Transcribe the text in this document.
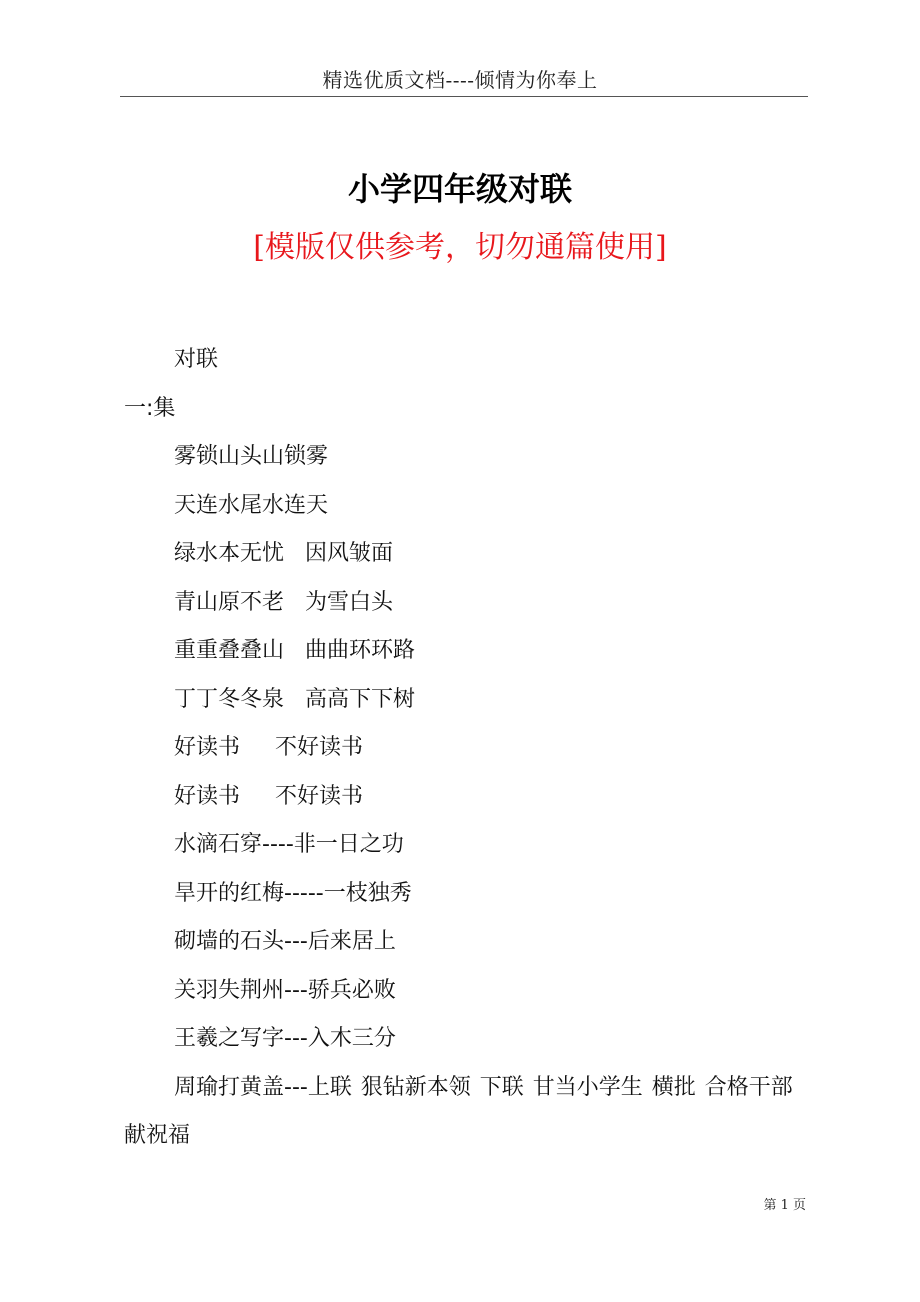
精选优质文档----倾情为你奉上
小学四年级对联
[模版仅供参考，切勿通篇使用]
对联
一:集
雾锁山头山锁雾
天连水尾水连天
绿水本无忧   因风皱面
青山原不老   为雪白头
重重叠叠山   曲曲环环路
丁丁冬冬泉   高高下下树
好读书     不好读书
好读书     不好读书
水滴石穿----非一日之功
旱开的红梅-----一枝独秀
砌墙的石头---后来居上
关羽失荆州---骄兵必败
王羲之写字---入木三分
周瑜打黄盖---上联 狠钻新本领 下联 甘当小学生 横批 合格干部 献祝福
第 1 页
